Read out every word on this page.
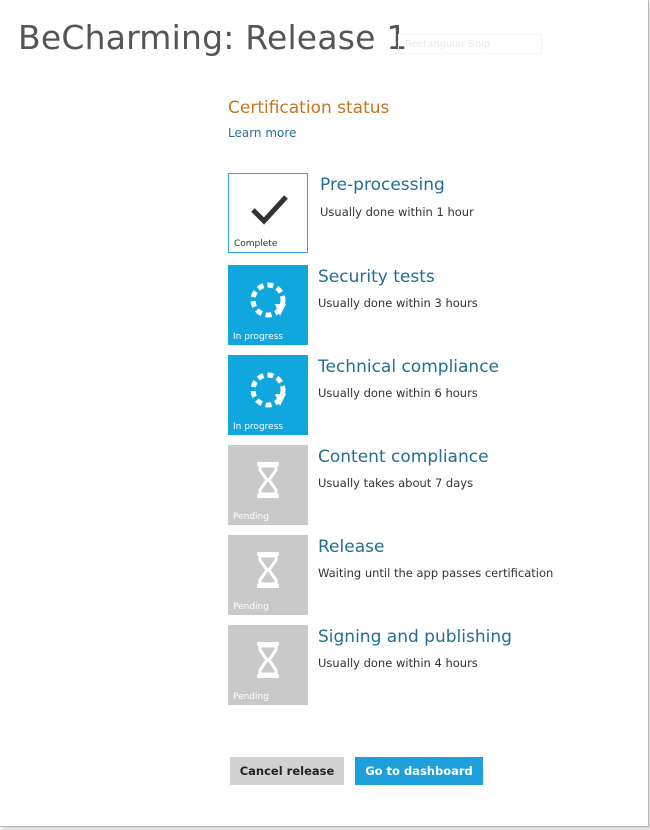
BeCharming: Release 1
Rectangular Snip
Certification status
Learn more
Complete
Pre-processing
Usually done within 1 hour
In progress
Security tests
Usually done within 3 hours
In progress
Technical compliance
Usually done within 6 hours
Pending
Content compliance
Usually takes about 7 days
Pending
Release
Waiting until the app passes certification
Pending
Signing and publishing
Usually done within 4 hours
Cancel release	Go to dashboard
